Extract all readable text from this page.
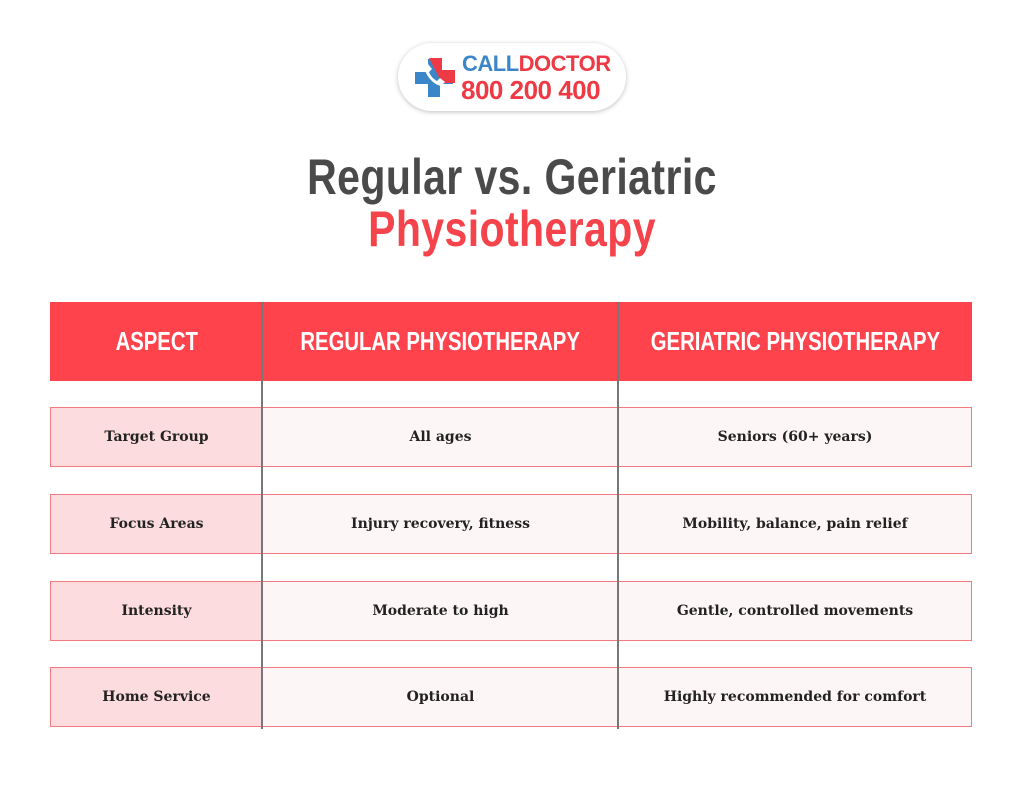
CALLDOCTOR
800 200 400
Regular vs. Geriatric
Physiotherapy
ASPECT	REGULAR PHYSIOTHERAPY	GERIATRIC PHYSIOTHERAPY
Target Group	All ages	Seniors (60+ years)
Focus Areas	Injury recovery, fitness	Mobility, balance, pain relief
Intensity	Moderate to high	Gentle, controlled movements
Home Service	Optional	Highly recommended for comfort
